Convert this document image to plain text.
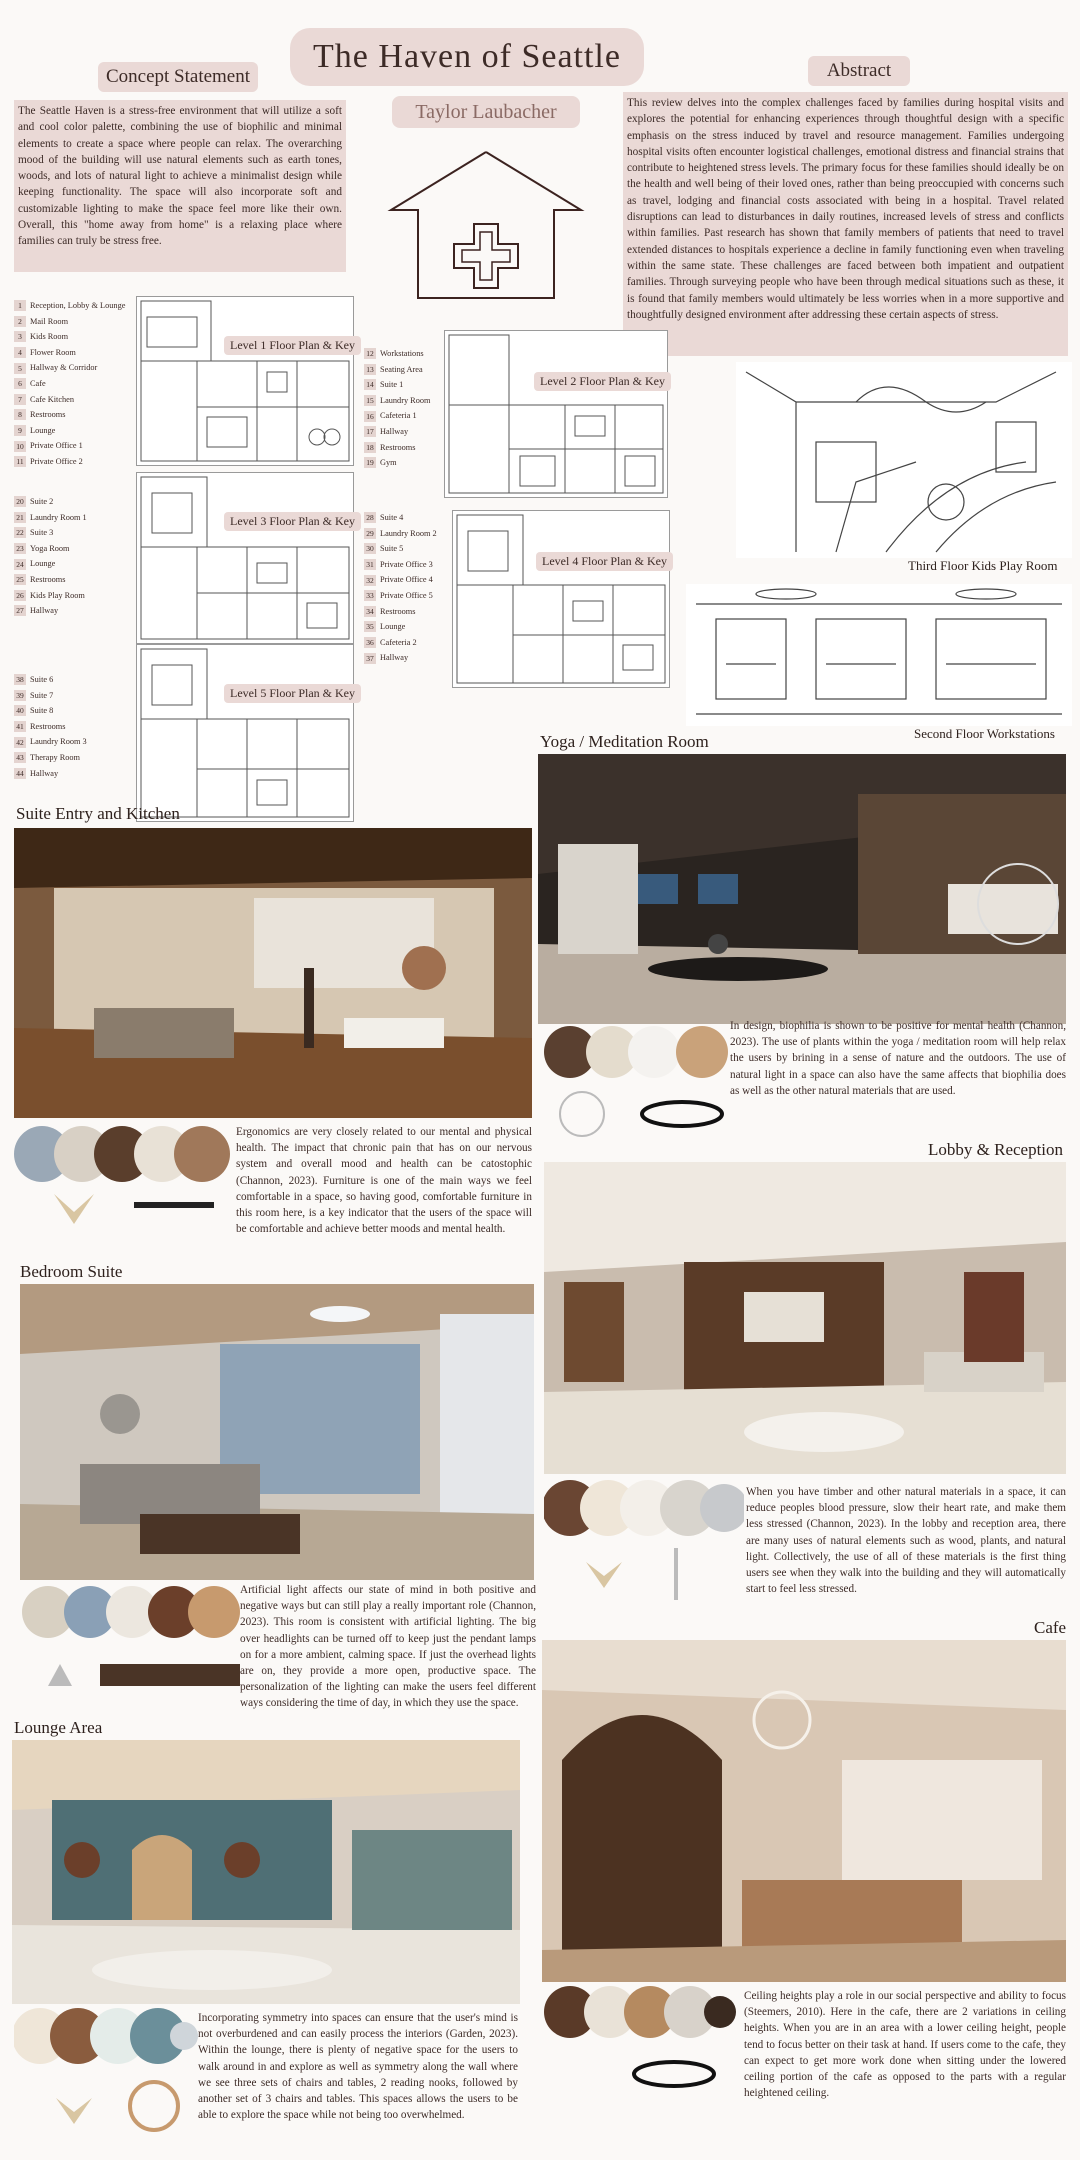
The Haven of Seattle
Concept Statement	Abstract
Taylor Laubacher
The Seattle Haven is a stress-free environment that will utilize a soft and cool color palette, combining the use of biophilic and minimal elements to create a space where people can relax. The overarching mood of the building will use natural elements such as earth tones, woods, and lots of natural light to achieve a minimalist design while keeping functionality. The space will also incorporate soft and customizable lighting to make the space feel more like their own. Overall, this "home away from home" is a relaxing place where families can truly be stress free.
This review delves into the complex challenges faced by families during hospital visits and explores the potential for enhancing experiences through thoughtful design with a specific emphasis on the stress induced by travel and resource management. Families undergoing hospital visits often encounter logistical challenges, emotional distress and financial strains that contribute to heightened stress levels. The primary focus for these families should ideally be on the health and well being of their loved ones, rather than being preoccupied with concerns such as travel, lodging and financial costs associated with being in a hospital. Travel related disruptions can lead to disturbances in daily routines, increased levels of stress and conflicts within families. Past research has shown that family members of patients that need to travel extended distances to hospitals experience a decline in family functioning even when traveling within the same state. These challenges are faced between both impatient and outpatient families. Through surveying people who have been through medical situations such as these, it is found that family members would ultimately be less worries when in a more supportive and thoughtfully designed environment after addressing these certain aspects of stress.
Level 1 Floor Plan & Key
Level 2 Floor Plan & Key
Level 3 Floor Plan & Key
Level 4 Floor Plan & Key
Level 5 Floor Plan & Key
1 Reception, Lobby & Lounge
2 Mail Room
3 Kids Room
4 Flower Room
5 Hallway & Corridor
6 Cafe
7 Cafe Kitchen
8 Restrooms
9 Lounge
10 Private Office 1
11 Private Office 2
12 Workstations
13 Seating Area
14 Suite 1
15 Laundry Room
16 Cafeteria 1
17 Hallway
18 Restrooms
19 Gym
20 Suite 2
21 Laundry Room 1
22 Suite 3
23 Yoga Room
24 Lounge
25 Restrooms
26 Kids Play Room
27 Hallway
28 Suite 4
29 Laundry Room 2
30 Suite 5
31 Private Office 3
32 Private Office 4
33 Private Office 5
34 Restrooms
35 Lounge
36 Cafeteria 2
37 Hallway
38 Suite 6
39 Suite 7
40 Suite 8
41 Restrooms
42 Laundry Room 3
43 Therapy Room
44 Hallway
Third Floor Kids Play Room
Second Floor Workstations
Yoga / Meditation Room
Suite Entry and Kitchen
Lobby & Reception
Bedroom Suite
Cafe
Lounge Area
In design, biophilia is shown to be positive for mental health (Channon, 2023). The use of plants within the yoga / meditation room will help relax the users by brining in a sense of nature and the outdoors. The use of natural light in a space can also have the same affects that biophilia does as well as the other natural materials that are used.
Ergonomics are very closely related to our mental and physical health. The impact that chronic pain that has on our nervous system and overall mood and health can be catostophic (Channon, 2023). Furniture is one of the main ways we feel comfortable in a space, so having good, comfortable furniture in this room here, is a key indicator that the users of the space will be comfortable and achieve better moods and mental health.
When you have timber and other natural materials in a space, it can reduce peoples blood pressure, slow their heart rate, and make them less stressed (Channon, 2023). In the lobby and reception area, there are many uses of natural elements such as wood, plants, and natural light. Collectively, the use of all of these materials is the first thing users see when they walk into the building and they will automatically start to feel less stressed.
Artificial light affects our state of mind in both positive and negative ways but can still play a really important role (Channon, 2023). This room is consistent with artificial lighting. The big over headlights can be turned off to keep just the pendant lamps on for a more ambient, calming space. If just the overhead lights are on, they provide a more open, productive space. The personalization of the lighting can make the users feel different ways considering the time of day, in which they use the space.
Ceiling heights play a role in our social perspective and ability to focus (Steemers, 2010). Here in the cafe, there are 2 variations in ceiling heights. When you are in an area with a lower ceiling height, people tend to focus better on their task at hand. If users come to the cafe, they can expect to get more work done when sitting under the lowered ceiling portion of the cafe as opposed to the parts with a regular heightened ceiling.
Incorporating symmetry into spaces can ensure that the user's mind is not overburdened and can easily process the interiors (Garden, 2023). Within the lounge, there is plenty of negative space for the users to walk around in and explore as well as symmetry along the wall where we see three sets of chairs and tables, 2 reading nooks, followed by another set of 3 chairs and tables. This spaces allows the users to be able to explore the space while not being too overwhelmed.
